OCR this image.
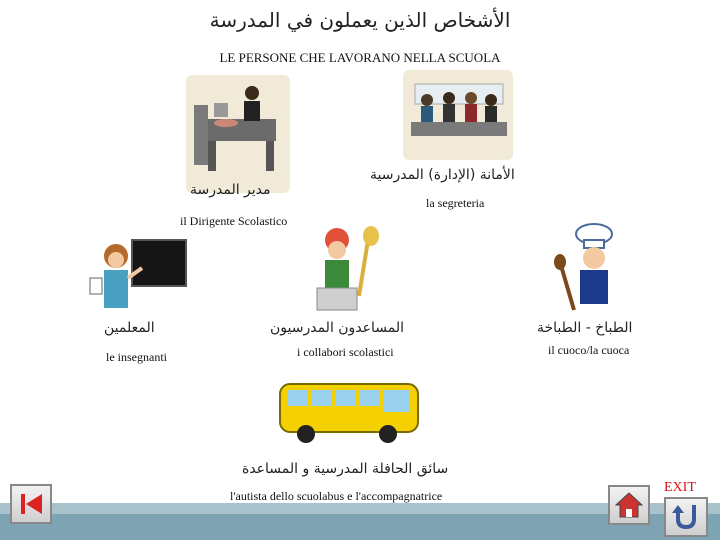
الأشخاص الذين يعملون في المدرسة
LE PERSONE CHE LAVORANO NELLA SCUOLA
مدير المدرسة
il Dirigente Scolastico
الأمانة (الإدارة) المدرسية
la segreteria
المعلمين
le insegnanti
المساعدون المدرسيون
i collabori scolastici
الطباخ - الطباخة
il cuoco/la cuoca
سائق الحافلة المدرسية و المساعدة
l'autista dello scuolabus e l'accompagnatrice
EXIT
